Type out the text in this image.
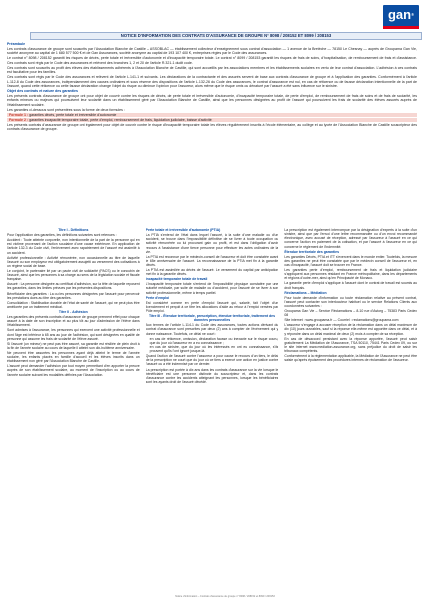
gan®
NOTICE D'INFORMATION DES CONTRATS D'ASSURANCE DE GROUPE N° 8098 / 208152 ET 8099 / 208153

Préambule

Les contrats d'assurance de groupe sont souscrits par l'Association Blanche de Castille – ASSOBLAC — établissement collecteur d'enseignement sous contrat d'association — 1 avenue de la Bretèche — 78150 Le Chesnay — auprès de Groupama Gan Vie, société anonyme au capital de 1 680 577 500 € et de Gan Assurances, société anonyme au capital de 193 107 400 €, entreprises régies par le Code des assurances.

Le contrat n° 8098 / 208152 garantit les risques de décès, perte totale et irréversible d'autonomie et d'incapacité temporaire totale. Le contrat n° 8099 / 208153 garantit les risques de frais de soins, d'hospitalisation, de remboursement de frais et d'assistance. Ces contrats sont régis par le Code des assurances et relèvent des branches 1, 2 et 20 de l'article R.321-1 dudit code.

Ces contrats sont souscrits au profit des élèves des établissements adhérents à l'Association Blanche de Castille, qui sont accueillis par les associations membres et les établissements scolaires en vertu de leur contrat d'association. L'adhésion à ces contrats est facultative pour les familles.

Ces contrats sont régis par le Code des assurances et relèvent de l'article L.141-1 et suivants. Les déclarations de la contractante et des assurés servent de base aux contrats d'assurance de groupe et à l'application des garanties. Conformément à l'article L.112-8 du Code des assurances, indépendamment des causes ordinaires et sous réserve des dispositions de l'article L.132-26 du Code des assurances, le contrat d'assurance est nul, en cas de réticence ou de fausse déclaration intentionnelle de la part de l'assuré, quand cette réticence ou cette fausse déclaration change l'objet du risque ou diminue l'opinion pour l'assureur, alors même que le risque omis ou dénaturé par l'assuré a été sans influence sur le sinistre.

Objet des contrats et nature des garanties

Les présents contrats d'assurance de groupe ont pour objet de couvrir contre les risques de décès, de perte totale et irréversible d'autonomie, d'incapacité temporaire totale, de perte d'emploi, de remboursement de frais de soins et de frais de scolarité, les enfants mineurs ou majeurs qui poursuivent leur scolarité dans un établissement géré par l'Association Blanche de Castille, ainsi que les personnes désignées au profit de l'assuré qui poursuivent les frais de scolarité des élèves assurés auprès de l'établissement scolaire.

Les garanties ci-dessous sont présentées sous la forme de deux formules :

Formule 1 : garanties décès, perte totale et irréversible d'autonomie

Formule 2 : garanties incapacité temporaire totale, perte d'emploi, remboursement de frais, liquidation judiciaire, baisse d'activité

Les présents contrats d'assurance de groupe ont également pour objet de couvrir contre le risque d'incapacité temporaire totale les élèves régulièrement inscrits à l'école élémentaire, au collège et au lycée de l'Association Blanche de Castille souscripteur des contrats d'assurance de groupe.

Titre I - Définitions

Pour l'application des garanties, les définitions suivantes sont retenues :

Accident : Toute atteinte corporelle, non intentionnelle de la part de la personne qui en est victime provenant de l'action soudaine d'une cause extérieure. En application de l'article 132-3 du Code civil, l'enlèvement avec rapatriement de l'assuré est assimilé à un accident.

Activité professionnelle : Activité rémunérée, non occasionnelle au titre de laquelle l'assuré ou son employeur est obligatoirement assujetti au versement des cotisations à un régime social de base.

Le conjoint, le partenaire lié par un pacte civil de solidarité (PACS) ou le concubin de l'assuré, ainsi que les personnes à sa charge au sens de la législation sociale et fiscale française.

Assuré : La personne désignée au certificat d'adhésion, sur la tête de laquelle reposent les garanties, dans les limites prévues par les présentes dispositions.

Bénéficiaire des garanties : La ou les personnes désignées par l'assuré pour percevoir les prestations dues au titre des garanties.

Consolidation : Stabilisation durable de l'état de santé de l'assuré, qui ne peut plus être améliorée par un traitement médical.

Titre II - Adhésion

Les garanties des présents contrats d'assurance de groupe prennent effet pour chaque assuré à la date de son inscription et au plus tôt au jour d'admission de l'élève dans l'établissement.

Sont admises à l'assurance, les personnes qui exercent une activité professionnelle et dont l'âge est inférieur à 65 ans au jour de l'adhésion, qui sont désignées en qualité de personne qui assume les frais de scolarité de l'élève assuré.

Si l'assuré (un mineur) ne peut pas être assuré, sa garantie est résiliée de plein droit à la fin de l'année scolaire au cours de laquelle il atteint son dix-huitième anniversaire.

Ne peuvent être assurées les personnes ayant déjà atteint le terme de l'année scolaire, les enfants placés en famille d'accueil et les élèves inscrits dans un établissement non géré par l'Association Blanche de Castille.

L'assuré peut demander l'adhésion par tout moyen permettant d'en apporter la preuve auprès de son établissement scolaire, au moment de l'inscription ou au cours de l'année scolaire suivant les modalités définies par l'Association.

Perte totale et irréversible d'autonomie (PTIA)

La PTIA s'entend de l'état dans lequel l'assuré, à la suite d'une maladie ou d'un accident, se trouve dans l'impossibilité définitive de se livrer à toute occupation ou activité rémunérée ou lui procurant gain ou profit, et est dans l'obligation d'avoir recours à l'assistance d'une tierce personne pour effectuer les actes ordinaires de la vie.

La PTIA est reconnue par le médecin-conseil de l'assureur et doit être constatée avant le 65e anniversaire de l'assuré. La reconnaissance de la PTIA met fin à la garantie décès.

La PTIA est assimilée au décès de l'assuré. Le versement du capital par anticipation met fin à la garantie décès.

Incapacité temporaire totale de travail

L'incapacité temporaire totale s'entend de l'impossibilité physique constatée par une autorité médicale, par suite de maladie ou d'accident, pour l'assuré de se livrer à son activité professionnelle, même à temps partiel.

Perte d'emploi

Est considéré comme en perte d'emploi l'assuré qui, salarié, fait l'objet d'un licenciement et perçoit à ce titre les allocations d'aide au retour à l'emploi versées par Pôle emploi.

Titre III - Étendue territoriale, prescription, étendue territoriale, traitement des données personnelles

Aux termes de l'article L.114-1 du Code des assurances, toutes actions dérivant du contrat d'assurance sont prescrites par deux (2) ans à compter de l'événement qui y donne naissance. Toutefois, ce délai ne court :

• en cas de réticence, omission, déclaration fausse ou inexacte sur le risque couru, que du jour où l'assureur en a eu connaissance ;
• en cas de sinistre, que du jour où les intéressés en ont eu connaissance, s'ils prouvent qu'ils l'ont ignoré jusque-là.

Quand l'action de l'assuré contre l'assureur a pour cause le recours d'un tiers, le délai de la prescription ne court que du jour où ce tiers a exercé une action en justice contre l'assuré ou a été indemnisé par ce dernier.

La prescription est portée à dix ans dans les contrats d'assurance sur la vie lorsque le bénéficiaire est une personne distincte du souscripteur et, dans les contrats d'assurance contre les accidents atteignant les personnes, lorsque les bénéficiaires sont les ayants droit de l'assuré décédé.

La prescription est également interrompue par la désignation d'experts à la suite d'un sinistre, ainsi que par l'envoi d'une lettre recommandée ou d'un envoi recommandé électronique, avec accusé de réception, adressé par l'assureur à l'assuré en ce qui concerne l'action en paiement de la cotisation, et par l'assuré à l'assureur en ce qui concerne le règlement de l'indemnité.

Étendue territoriale des garanties

Les garanties Décès, PTIA et ITT s'exercent dans le monde entier. Toutefois, la mesure des garanties ne peut être constatée que par le médecin conseil de l'assureur et, en cas d'incapacité, l'assuré doit se trouver en France.

Les garanties perte d'emploi, remboursement de frais et liquidation judiciaire s'appliquent aux personnes résidant en France métropolitaine, dans les départements et régions d'outre-mer, ainsi qu'en Principauté de Monaco.

La garantie perte d'emploi s'applique à l'assuré dont le contrat de travail est soumis au droit français.

Réclamations – Médiation

Pour toute demande d'information ou toute réclamation relative au présent contrat, l'assuré peut contacter son interlocuteur habituel ou le service Relations Clients aux coordonnées suivantes :

Groupama Gan Vie – Service Réclamations – 8-10 rue d'Astorg – 75383 Paris Cedex 08

Site internet : www.groupama.fr — Courriel : reclamations@groupama.com

L'assureur s'engage à accuser réception de la réclamation dans un délai maximum de dix (10) jours ouvrables, sauf si la réponse elle-même est apportée dans ce délai, et à y répondre dans un délai maximal de deux (2) mois à compter de sa réception.

En cas de désaccord persistant avec la réponse apportée, l'assuré peut saisir gratuitement La Médiation de l'Assurance, TSA 50110, 75441 Paris Cedex 09, ou sur le site internet www.mediation-assurance.org, sans préjudice du droit de saisir les tribunaux compétents.

Conformément à la réglementation applicable, la Médiation de l'Assurance ne peut être saisie qu'après épuisement des procédures internes de réclamation de l'assureur.

Notice d'information – Contrats d'assurance de groupe n° 8098 / 208152 et 8099 / 208153
